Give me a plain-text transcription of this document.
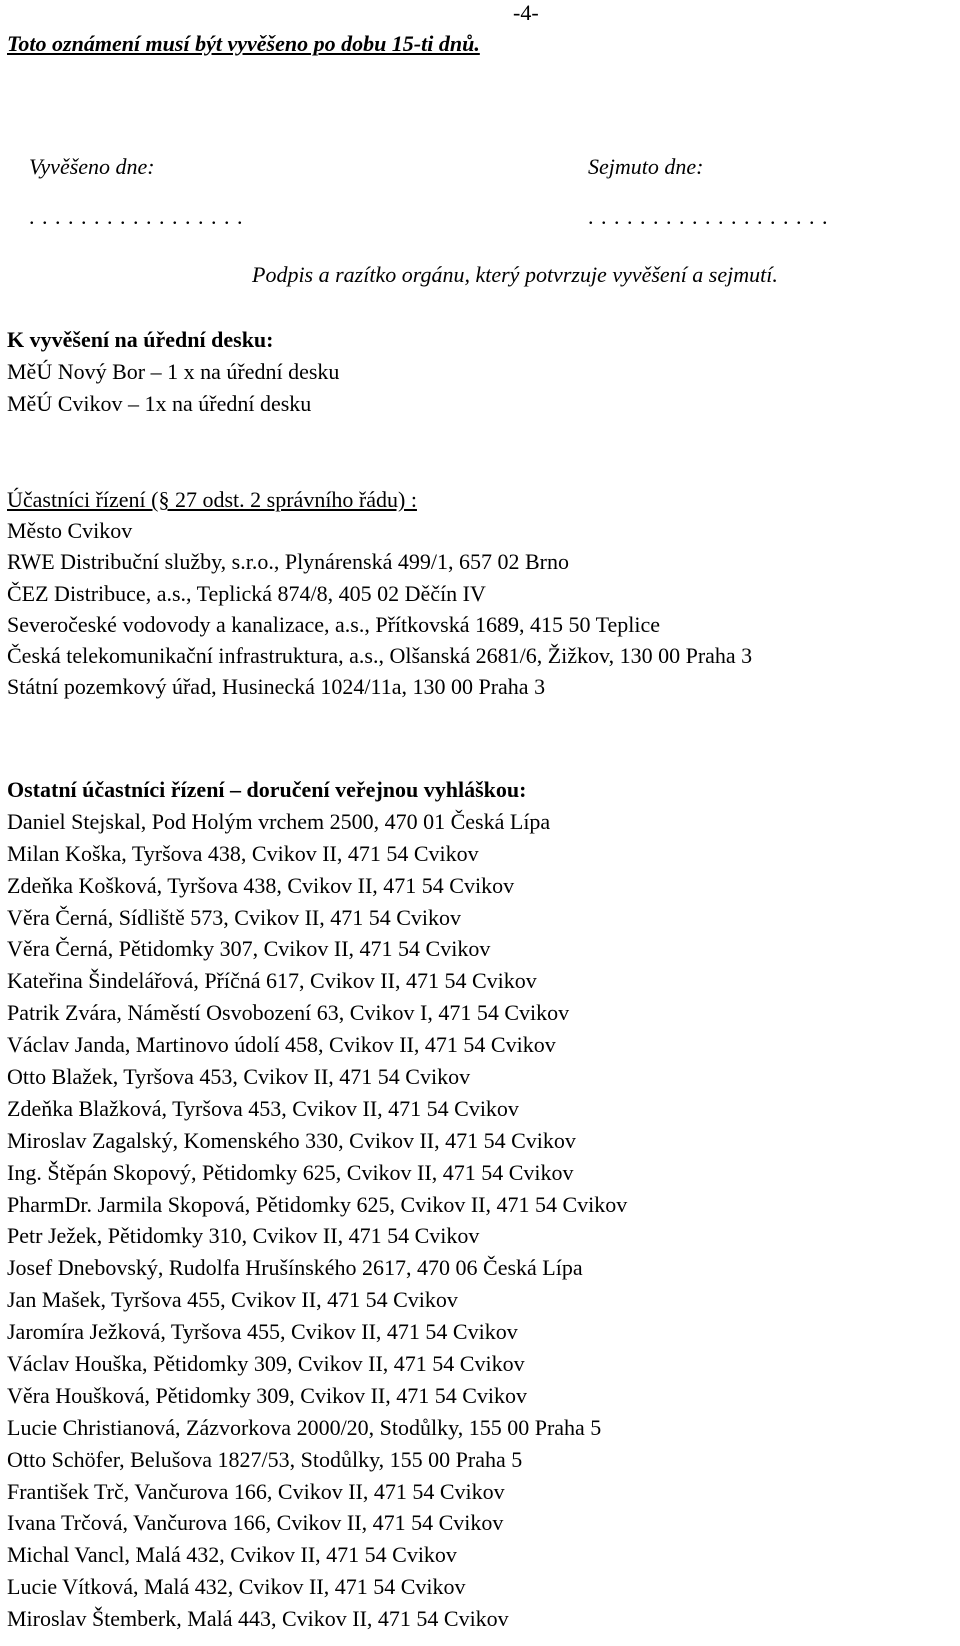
-4-
Toto oznámení musí být vyvěšeno po dobu 15-ti dnů.
Vyvěšeno dne:	Sejmuto dne:
. . . . . . . . . . . . . . . . .	. . . . . . . . . . . . . . . . . . .
Podpis a razítko orgánu, který potvrzuje vyvěšení a sejmutí.
K vyvěšení na úřední desku:
MěÚ Nový Bor – 1 x na úřední desku
MěÚ Cvikov – 1x na úřední desku
Účastníci řízení (§ 27 odst. 2 správního řádu) :
Město Cvikov
RWE Distribuční služby, s.r.o., Plynárenská 499/1, 657 02 Brno
ČEZ Distribuce, a.s., Teplická 874/8, 405 02 Děčín IV
Severočeské vodovody a kanalizace, a.s., Přítkovská 1689, 415 50 Teplice
Česká telekomunikační infrastruktura, a.s., Olšanská 2681/6, Žižkov, 130 00 Praha 3
Státní pozemkový úřad, Husinecká 1024/11a, 130 00 Praha 3
Ostatní účastníci řízení – doručení veřejnou vyhláškou:
Daniel Stejskal, Pod Holým vrchem 2500, 470 01 Česká Lípa
Milan Koška, Tyršova 438, Cvikov II, 471 54 Cvikov
Zdeňka Košková, Tyršova 438, Cvikov II, 471 54 Cvikov
Věra Černá, Sídliště 573, Cvikov II, 471 54 Cvikov
Věra Černá, Pětidomky 307, Cvikov II, 471 54 Cvikov
Kateřina Šindelářová, Příčná 617, Cvikov II, 471 54 Cvikov
Patrik Zvára, Náměstí Osvobození 63, Cvikov I, 471 54 Cvikov
Václav Janda, Martinovo údolí 458, Cvikov II, 471 54 Cvikov
Otto Blažek, Tyršova 453, Cvikov II, 471 54 Cvikov
Zdeňka Blažková, Tyršova 453, Cvikov II, 471 54 Cvikov
Miroslav Zagalský, Komenského 330, Cvikov II, 471 54 Cvikov
Ing. Štěpán Skopový, Pětidomky 625, Cvikov II, 471 54 Cvikov
PharmDr. Jarmila Skopová, Pětidomky 625, Cvikov II, 471 54 Cvikov
Petr Ježek, Pětidomky 310, Cvikov II, 471 54 Cvikov
Josef Dnebovský, Rudolfa Hrušínského 2617, 470 06 Česká Lípa
Jan Mašek, Tyršova 455, Cvikov II, 471 54 Cvikov
Jaromíra Ježková, Tyršova 455, Cvikov II, 471 54 Cvikov
Václav Houška, Pětidomky 309, Cvikov II, 471 54 Cvikov
Věra Houšková, Pětidomky 309, Cvikov II, 471 54 Cvikov
Lucie Christianová, Zázvorkova 2000/20, Stodůlky, 155 00 Praha 5
Otto Schöfer, Belušova 1827/53, Stodůlky, 155 00 Praha 5
František Trč, Vančurova 166, Cvikov II, 471 54 Cvikov
Ivana Trčová, Vančurova 166, Cvikov II, 471 54 Cvikov
Michal Vancl, Malá 432, Cvikov II, 471 54 Cvikov
Lucie Vítková, Malá 432, Cvikov II, 471 54 Cvikov
Miroslav Štemberk, Malá 443, Cvikov II, 471 54 Cvikov
